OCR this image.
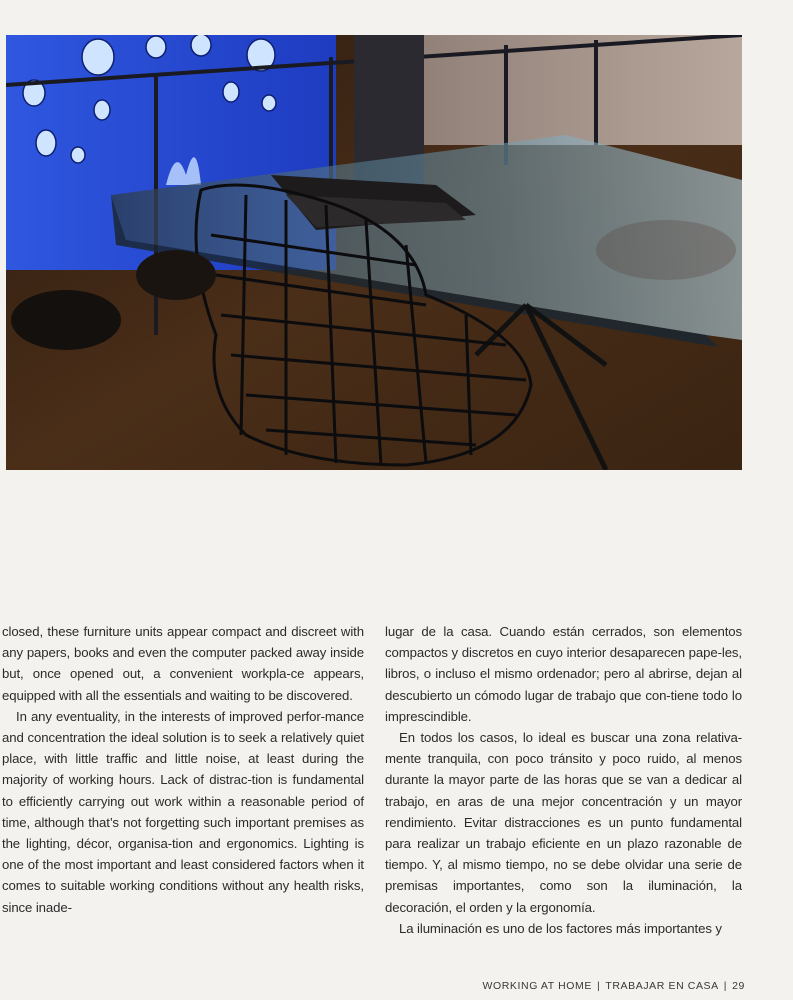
closed, these furniture units appear compact and discreet with any papers, books and even the computer packed away inside but, once opened out, a convenient workpla-ce appears, equipped with all the essentials and waiting to be discovered.

In any eventuality, in the interests of improved perfor-mance and concentration the ideal solution is to seek a relatively quiet place, with little traffic and little noise, at least during the majority of working hours. Lack of distrac-tion is fundamental to efficiently carrying out work within a reasonable period of time, although that’s not forgetting such important premises as the lighting, décor, organisa-tion and ergonomics. Lighting is one of the most important and least considered factors when it comes to suitable working conditions without any health risks, since inade-

lugar de la casa. Cuando están cerrados, son elementos compactos y discretos en cuyo interior desaparecen pape-les, libros, o incluso el mismo ordenador; pero al abrirse, dejan al descubierto un cómodo lugar de trabajo que con-tiene todo lo imprescindible.

En todos los casos, lo ideal es buscar una zona relativa-mente tranquila, con poco tránsito y poco ruido, al menos durante la mayor parte de las horas que se van a dedicar al trabajo, en aras de una mejor concentración y un mayor rendimiento. Evitar distracciones es un punto fundamental para realizar un trabajo eficiente en un plazo razonable de tiempo. Y, al mismo tiempo, no se debe olvidar una serie de premisas importantes, como son la iluminación, la decoración, el orden y la ergonomía.

La iluminación es uno de los factores más importantes y

WORKING AT HOME | TRABAJAR EN CASA | 29
